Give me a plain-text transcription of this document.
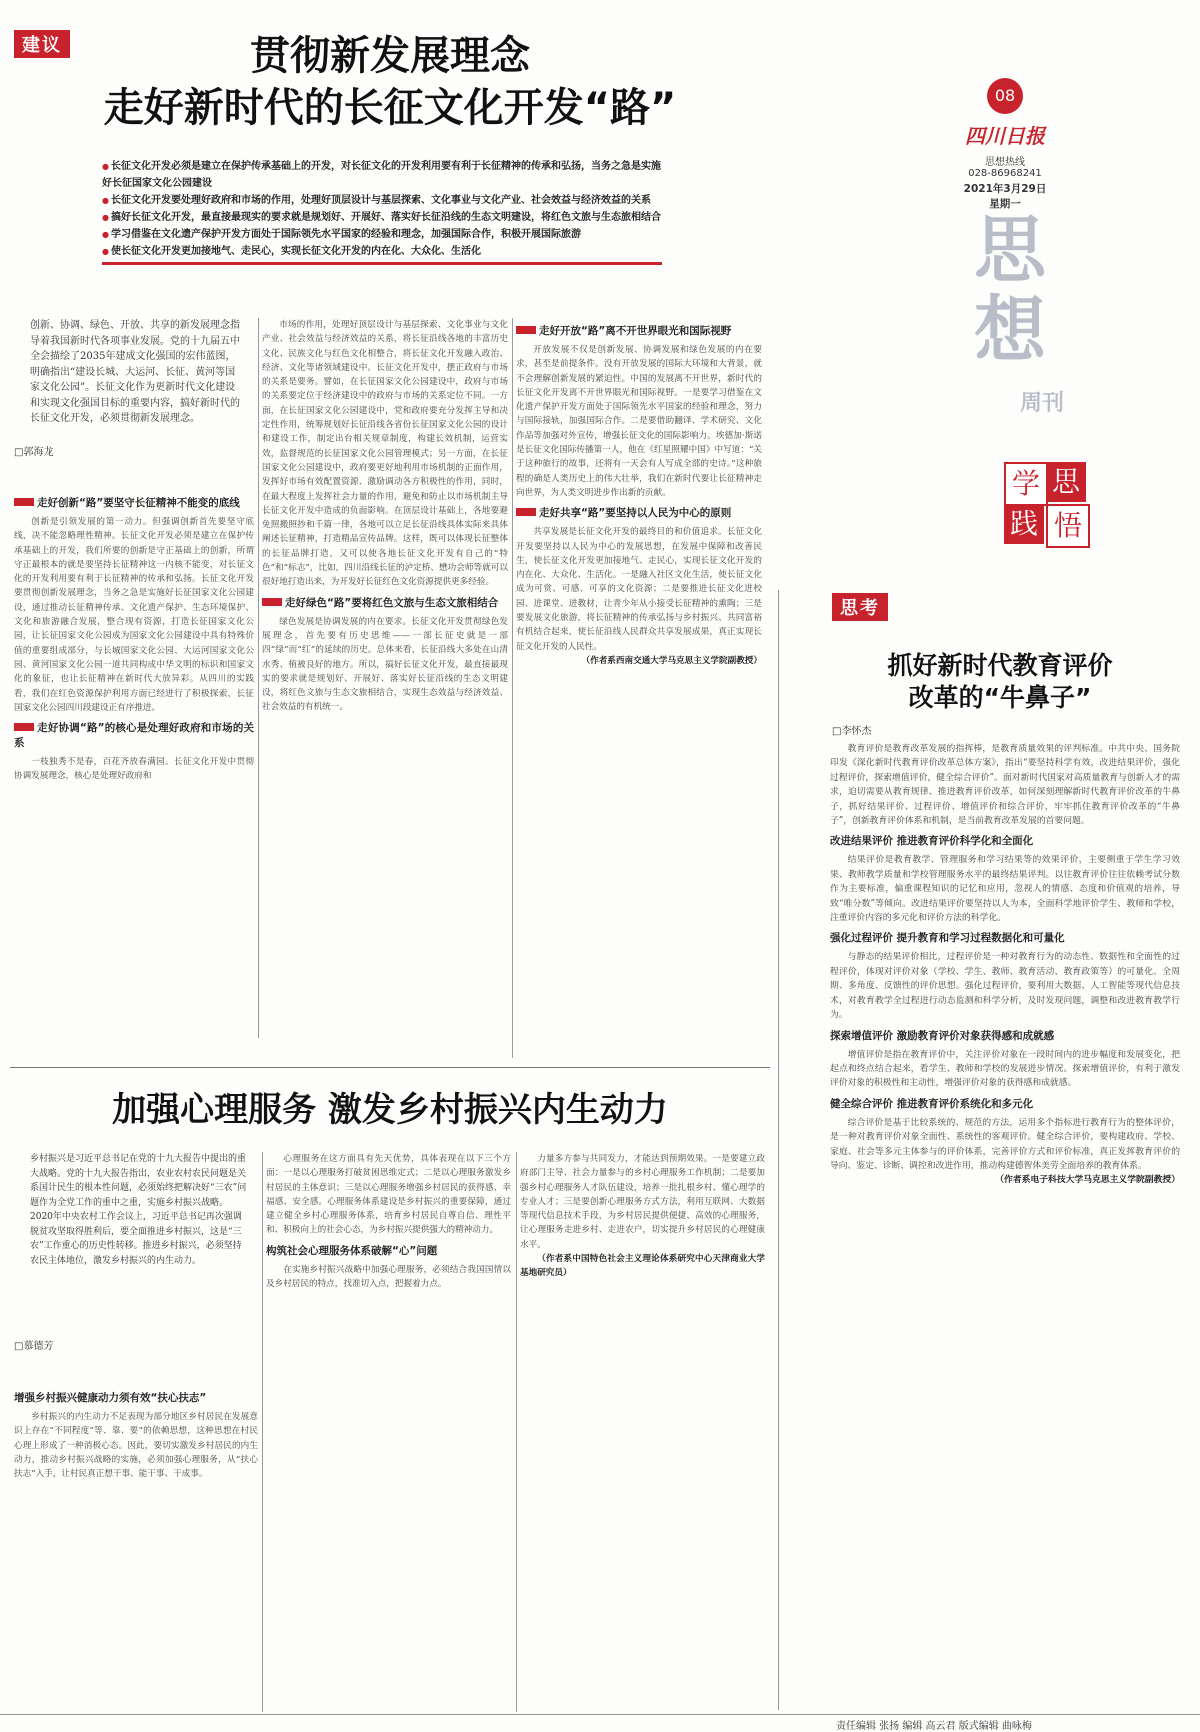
建议	贯彻新发展理念
走好新时代的长征文化开发“路”
● 长征文化开发必须是建立在保护传承基础上的开发，对长征文化的开发利用要有利于长征精神的传承和弘扬，当务之急是实施好长征国家文化公园建设
● 长征文化开发要处理好政府和市场的作用，处理好顶层设计与基层探索、文化事业与文化产业、社会效益与经济效益的关系
● 搞好长征文化开发，最直接最现实的要求就是规划好、开展好、落实好长征沿线的生态文明建设，将红色文旅与生态旅相结合
● 学习借鉴在文化遗产保护开发方面处于国际领先水平国家的经验和理念，加强国际合作，积极开展国际旅游
● 使长征文化开发更加接地气、走民心，实现长征文化开发的内在化、大众化、生活化
08
四川日报
思想热线
028-86968241
2021年3月29日
星期一
思
想
周刊
学 思
践 悟
创新、协调、绿色、开放、共享的新发展理念指导着我国新时代各项事业发展。党的十九届五中全会描绘了2035年建成文化强国的宏伟蓝图，明确指出“建设长城、大运河、长征、黄河等国家文化公园”。长征文化作为更新时代文化建设和实现文化强国目标的重要内容，搞好新时代的长征文化开发，必须贯彻新发展理念。
□郭海龙
走好创新“路”要坚守长征精神不能变的底线

创新是引领发展的第一动力。但强调创新首先要坚守底线，决不能忽略理性精神。长征文化开发必须是建立在保护传承基础上的开发，我们所要的创新是守正基础上的创新，所谓守正最根本的就是要坚持长征精神这一内核不能变，对长征文化的开发利用要有利于长征精神的传承和弘扬。长征文化开发要贯彻创新发展理念，当务之急是实施好长征国家文化公园建设，通过推动长征精神传承、文化遗产保护、生态环境保护、文化和旅游融合发展，整合现有资源，打造长征国家文化公园，让长征国家文化公园成为国家文化公园建设中具有特殊价值的重要组成部分，与长城国家文化公园、大运河国家文化公园、黄河国家文化公园一道共同构成中华文明的标识和国家文化的象征，也让长征精神在新时代大放异彩。从四川的实践看，我们在红色资源保护利用方面已经进行了积极探索，长征国家文化公园四川段建设正有序推进。

走好协调“路”的核心是处理好政府和市场的关系

一枝独秀不是春，百花齐放春满园。长征文化开发中贯彻协调发展理念，核心是处理好政府和

市场的作用，处理好顶层设计与基层探索、文化事业与文化产业、社会效益与经济效益的关系，将长征沿线各地的丰富历史文化、民族文化与红色文化相整合，将长征文化开发融入政治、经济、文化等诸领域建设中。长征文化开发中，摆正政府与市场的关系是要务。譬如，在长征国家文化公园建设中，政府与市场的关系要定位于经济建设中的政府与市场的关系定位不同。一方面，在长征国家文化公园建设中，党和政府要充分发挥主导和决定性作用，统筹规划好长征沿线各省份长征国家文化公园的设计和建设工作，制定出台相关规章制度，构建长效机制，运营实效，监督规范的长征国家文化公园管理模式；另一方面，在长征国家文化公园建设中，政府要更好地利用市场机制的正面作用，发挥好市场有效配置资源、激励调动各方积极性的作用，同时，在最大程度上发挥社会力量的作用，避免和防止以市场机制主导长征文化开发中造成的负面影响。在顶层设计基础上，各地要避免照搬照抄和千篇一律，各地可以立足长征沿线具体实际来具体阐述长征精神，打造精品宣传品牌。这样，既可以体现长征整体的长征品牌打造，又可以使各地长征文化开发有自己的“特色”和“标志”，比如，四川沿线长征的泸定桥、懋功会师等就可以很好地打造出来，为开发好长征红色文化资源提供更多经验。

走好绿色“路”要将红色文旅与生态文旅相结合

绿色发展是协调发展的内在要求。长征文化开发贯彻绿色发展理念，首先要有历史思维——一部长征史就是一部四“绿”而“红”的延续的历史。总体来看，长征沿线大多处在山清水秀、植被良好的地方。所以，搞好长征文化开发，最直接最现实的要求就是规划好、开展好、落实好长征沿线的生态文明建设，将红色文旅与生态文旅相结合，实现生态效益与经济效益、社会效益的有机统一。

走好开放“路”离不开世界眼光和国际视野

开放发展不仅是创新发展、协调发展和绿色发展的内在要求，甚至是前提条件。没有开放发展的国际大环境和大背景，就不会理解创新发展的紧迫性。中国的发展离不开世界，新时代的长征文化开发离不开世界眼光和国际视野。一是要学习借鉴在文化遗产保护开发方面处于国际领先水平国家的经验和理念，努力与国际接轨，加强国际合作。二是要借助翻译、学术研究、文化作品等加强对外宣传，增强长征文化的国际影响力。埃德加·斯诺是长征文化国际传播第一人，他在《红星照耀中国》中写道：“关于这种旅行的故事，还将有一天会有人写成全部的史诗。”这种旅程的确是人类历史上的伟大壮举，我们在新时代要让长征精神走向世界，为人类文明进步作出新的贡献。

走好共享“路”要坚持以人民为中心的原则

共享发展是长征文化开发的最终目的和价值追求。长征文化开发要坚持以人民为中心的发展思想，在发展中保障和改善民生，使长征文化开发更加接地气、走民心，实现长征文化开发的内在化、大众化、生活化。一是融入社区文化生活，使长征文化成为可赏、可感、可享的文化资源；二是要推进长征文化进校园、进课堂、进教材，让青少年从小接受长征精神的熏陶；三是要发展文化旅游，将长征精神的传承弘扬与乡村振兴、共同富裕有机结合起来，使长征沿线人民群众共享发展成果，真正实现长征文化开发的人民性。

（作者系西南交通大学马克思主义学院副教授）

加强心理服务 激发乡村振兴内生动力
乡村振兴是习近平总书记在党的十九大报告中提出的重大战略。党的十九大报告指出，农业农村农民问题是关系国计民生的根本性问题，必须始终把解决好“三农”问题作为全党工作的重中之重，实施乡村振兴战略。2020年中央农村工作会议上，习近平总书记再次强调脱贫攻坚取得胜利后，要全面推进乡村振兴，这是“三农”工作重心的历史性转移。推进乡村振兴，必须坚持农民主体地位，激发乡村振兴的内生动力。
□慕德芳
增强乡村振兴健康动力须有效“扶心扶志”

乡村振兴的内生动力不足表现为部分地区乡村居民在发展意识上存在“不同程度”等、靠、要”的依赖思想，这种思想在村民心理上形成了一种消极心态。因此，要切实激发乡村居民的内生动力，推动乡村振兴战略的实施，必须加强心理服务，从“扶心扶志”入手，让村民真正想干事、能干事、干成事。

心理服务在这方面具有先天优势，具体表现在以下三个方面：一是以心理服务打破贫困思维定式；二是以心理服务激发乡村居民的主体意识；三是以心理服务增强乡村居民的获得感、幸福感、安全感。心理服务体系建设是乡村振兴的重要保障，通过建立健全乡村心理服务体系，培育乡村居民自尊自信、理性平和、积极向上的社会心态，为乡村振兴提供强大的精神动力。

构筑社会心理服务体系破解“心”问题

在实施乡村振兴战略中加强心理服务，必须结合我国国情以及乡村居民的特点，找准切入点，把握着力点。

力量多方参与共同发力，才能达到预期效果。一是要建立政府部门主导、社会力量参与的乡村心理服务工作机制；二是要加强乡村心理服务人才队伍建设，培养一批扎根乡村、懂心理学的专业人才；三是要创新心理服务方式方法，利用互联网、大数据等现代信息技术手段，为乡村居民提供便捷、高效的心理服务，让心理服务走进乡村、走进农户，切实提升乡村居民的心理健康水平。

（作者系中国特色社会主义理论体系研究中心天津商业大学基地研究员）

思考
抓好新时代教育评价
改革的“牛鼻子”
□李怀杰

教育评价是教育改革发展的指挥棒，是教育质量效果的评判标准。中共中央、国务院印发《深化新时代教育评价改革总体方案》，指出“要坚持科学有效，改进结果评价，强化过程评价，探索增值评价，健全综合评价”。面对新时代国家对高质量教育与创新人才的需求，迫切需要从教育规律、推进教育评价改革，如何深刻理解新时代教育评价改革的牛鼻子，抓好结果评价、过程评价、增值评价和综合评价，牢牢抓住教育评价改革的“牛鼻子”，创新教育评价体系和机制，是当前教育改革发展的首要问题。

改进结果评价 推进教育评价科学化和全面化

结果评价是教育教学、管理服务和学习结果等的效果评价，主要侧重于学生学习效果、教师教学质量和学校管理服务水平的最终结果评判。以往教育评价往往依赖考试分数作为主要标准，偏重课程知识的记忆和应用，忽视人的情感、态度和价值观的培养，导致“唯分数”等倾向。改进结果评价要坚持以人为本，全面科学地评价学生、教师和学校，注重评价内容的多元化和评价方法的科学化。

强化过程评价 提升教育和学习过程数据化和可量化

与静态的结果评价相比，过程评价是一种对教育行为的动态性、数据性和全面性的过程评价，体现对评价对象（学校、学生、教师、教育活动、教育政策等）的可量化、全周期、多角度、反馈性的评价思想。强化过程评价，要利用大数据、人工智能等现代信息技术，对教育教学全过程进行动态监测和科学分析，及时发现问题，调整和改进教育教学行为。

探索增值评价 激励教育评价对象获得感和成就感

增值评价是指在教育评价中，关注评价对象在一段时间内的进步幅度和发展变化，把起点和终点结合起来，看学生、教师和学校的发展进步情况。探索增值评价，有利于激发评价对象的积极性和主动性，增强评价对象的获得感和成就感。

健全综合评价 推进教育评价系统化和多元化

综合评价是基于比较系统的、规范的方法，运用多个指标进行教育行为的整体评价，是一种对教育评价对象全面性、系统性的客观评价。健全综合评价，要构建政府、学校、家庭、社会等多元主体参与的评价体系，完善评价方式和评价标准，真正发挥教育评价的导向、鉴定、诊断、调控和改进作用，推动构建德智体美劳全面培养的教育体系。

（作者系电子科技大学马克思主义学院副教授）

责任编辑 张扬 编辑 高云君 版式编辑 曲咏梅
